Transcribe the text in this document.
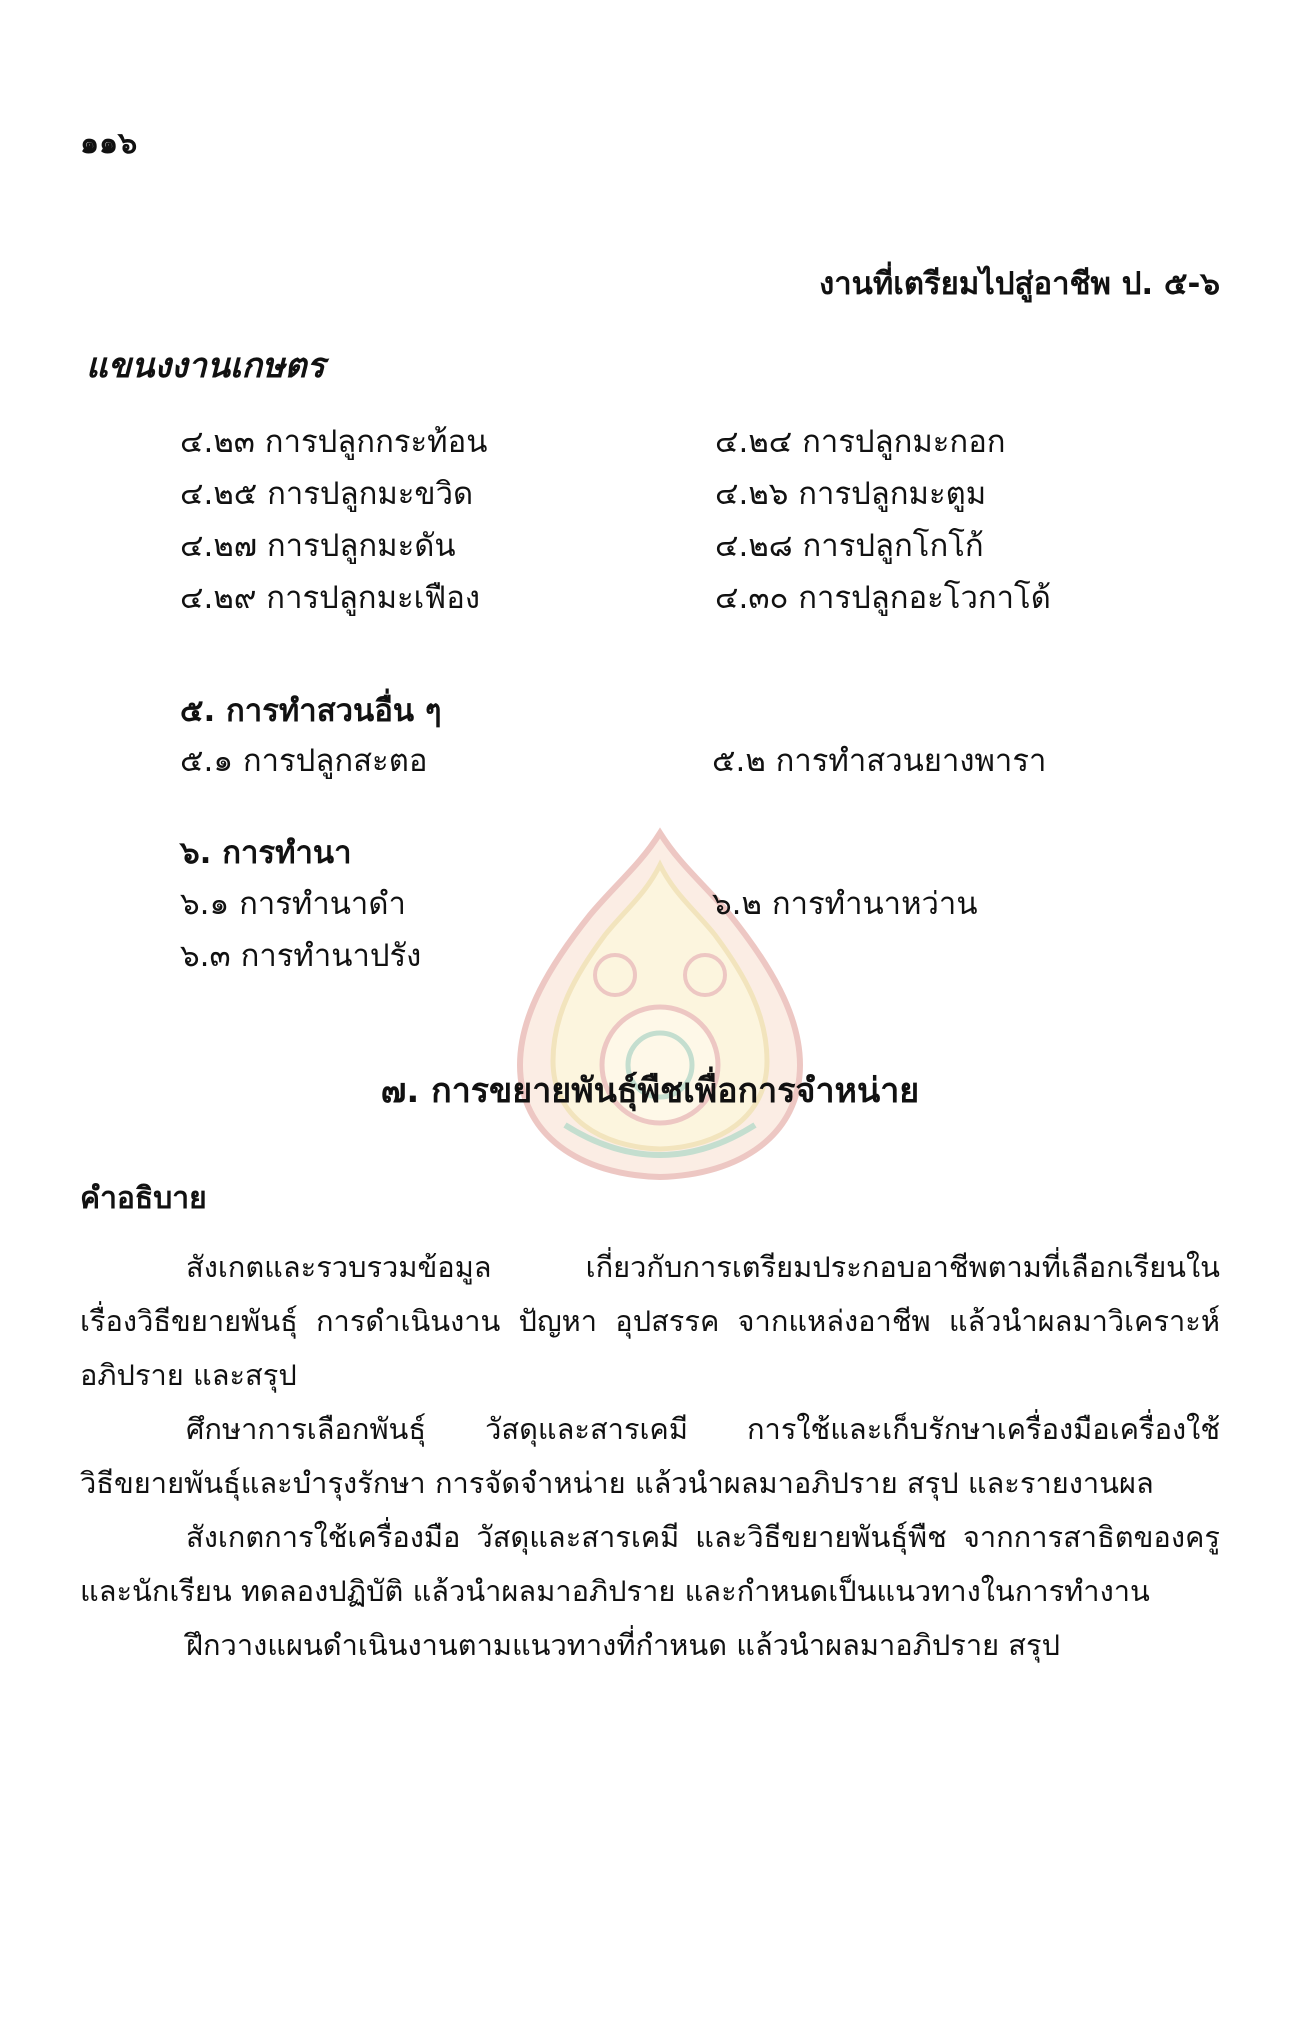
๑๑๖
งานที่เตรียมไปสู่อาชีพ ป. ๕-๖
แขนงงานเกษตร
๔.๒๓ การปลูกกระท้อน
๔.๒๕ การปลูกมะขวิด
๔.๒๗ การปลูกมะดัน
๔.๒๙ การปลูกมะเฟือง
๔.๒๔ การปลูกมะกอก
๔.๒๖ การปลูกมะตูม
๔.๒๘ การปลูกโกโก้
๔.๓๐ การปลูกอะโวกาโด้
๕. การทำสวนอื่น ๆ
๕.๑ การปลูกสะตอ	๕.๒ การทำสวนยางพารา
๖. การทำนา
๖.๑ การทำนาดำ	๖.๒ การทำนาหว่าน
๖.๓ การทำนาปรัง
๗. การขยายพันธุ์พืชเพื่อการจำหน่าย
คำอธิบาย
สังเกตและรวบรวมข้อมูล เกี่ยวกับการเตรียมประกอบอาชีพตามที่เลือกเรียนใน
เรื่องวิธีขยายพันธุ์ การดำเนินงาน ปัญหา อุปสรรค จากแหล่งอาชีพ แล้วนำผลมาวิเคราะห์
อภิปราย และสรุป
ศึกษาการเลือกพันธุ์ วัสดุและสารเคมี การใช้และเก็บรักษาเครื่องมือเครื่องใช้
วิธีขยายพันธุ์และบำรุงรักษา การจัดจำหน่าย แล้วนำผลมาอภิปราย สรุป และรายงานผล
สังเกตการใช้เครื่องมือ วัสดุและสารเคมี และวิธีขยายพันธุ์พืช จากการสาธิตของครู
และนักเรียน ทดลองปฏิบัติ แล้วนำผลมาอภิปราย และกำหนดเป็นแนวทางในการทำงาน
ฝึกวางแผนดำเนินงานตามแนวทางที่กำหนด แล้วนำผลมาอภิปราย สรุป
